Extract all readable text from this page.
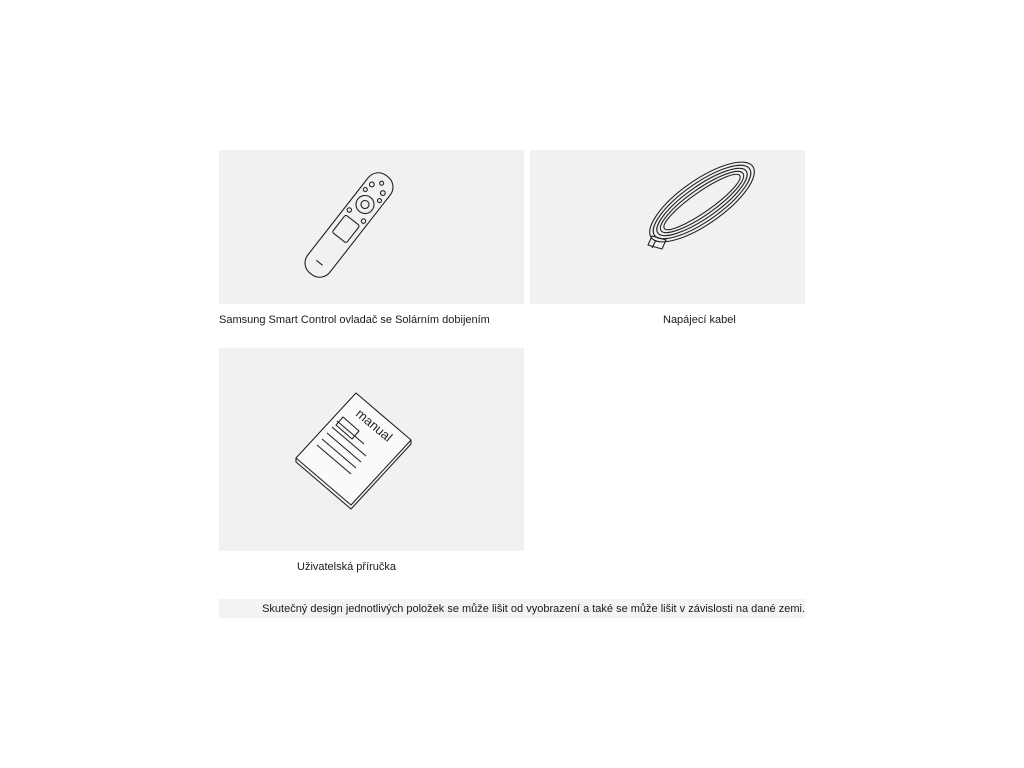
Samsung Smart Control ovladač se Solárním dobijením	Napájecí kabel
manual
Uživatelská příručka
Skutečný design jednotlivých položek se může lišit od vyobrazení a také se může lišit v závislosti na dané zemi.
